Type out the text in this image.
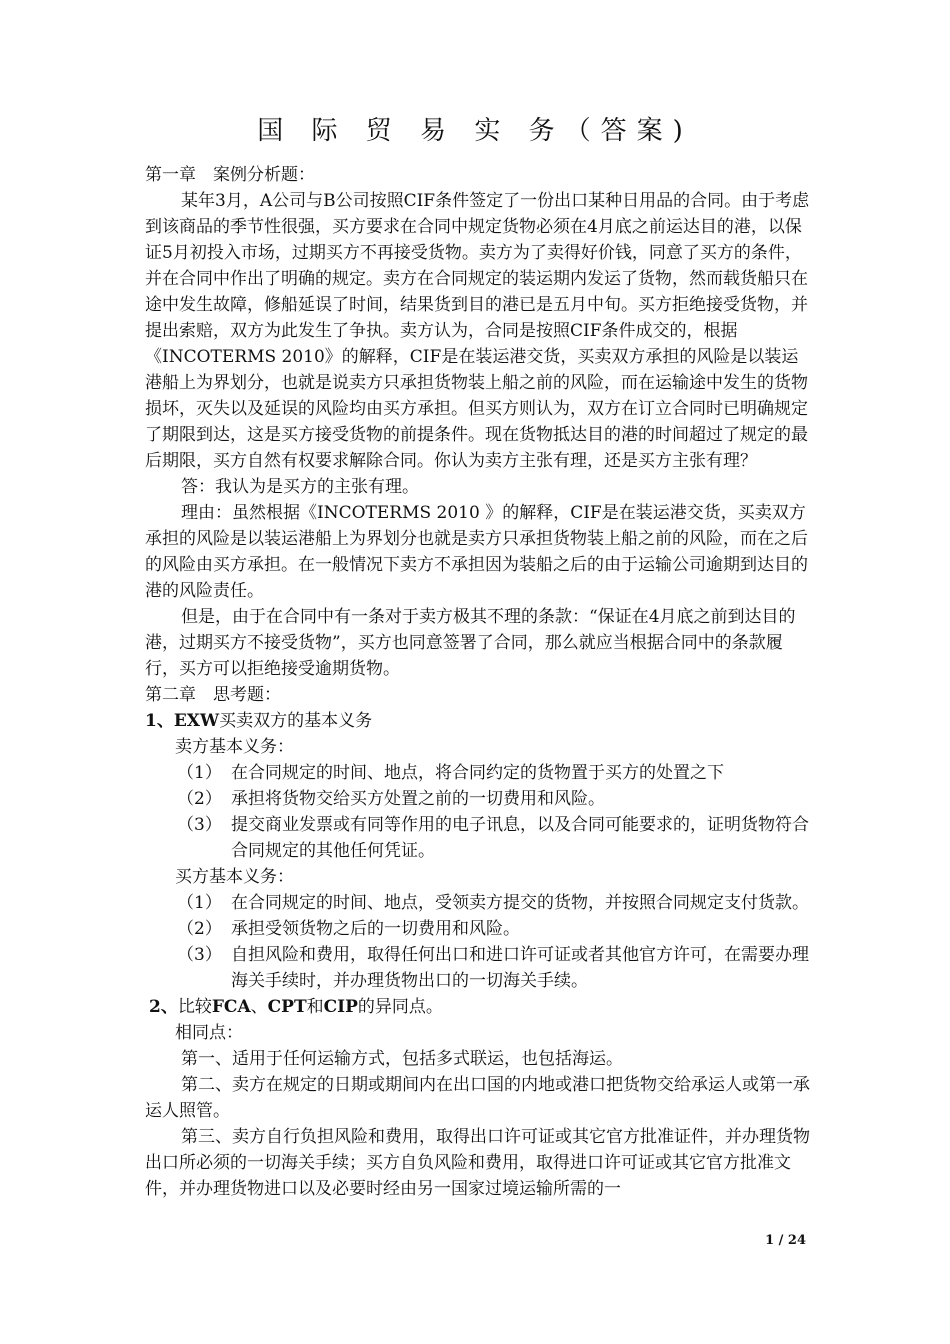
国 际 贸 易 实 务（答案)

第一章　案例分析题：

某年3月，A公司与B公司按照CIF条件签定了一份出口某种日用品的合同。由于考虑到该商品的季节性很强，买方要求在合同中规定货物必须在4月底之前运达目的港，以保证5月初投入市场，过期买方不再接受货物。卖方为了卖得好价钱，同意了买方的条件，并在合同中作出了明确的规定。卖方在合同规定的装运期内发运了货物，然而载货船只在途中发生故障，修船延误了时间，结果货到目的港已是五月中旬。买方拒绝接受货物，并提出索赔，双方为此发生了争执。卖方认为，合同是按照CIF条件成交的，根据《INCOTERMS 2010》的解释，CIF是在装运港交货，买卖双方承担的风险是以装运港船上为界划分，也就是说卖方只承担货物装上船之前的风险，而在运输途中发生的货物损坏，灭失以及延误的风险均由买方承担。但买方则认为，双方在订立合同时已明确规定了期限到达，这是买方接受货物的前提条件。现在货物抵达目的港的时间超过了规定的最后期限，买方自然有权要求解除合同。你认为卖方主张有理，还是买方主张有理？

答：我认为是买方的主张有理。

理由：虽然根据《INCOTERMS 2010 》的解释，CIF是在装运港交货，买卖双方承担的风险是以装运港船上为界划分也就是卖方只承担货物装上船之前的风险，而在之后的风险由买方承担。在一般情况下卖方不承担因为装船之后的由于运输公司逾期到达目的港的风险责任。

但是，由于在合同中有一条对于卖方极其不理的条款：“保证在4月底之前到达目的港，过期买方不接受货物”，买方也同意签署了合同，那么就应当根据合同中的条款履行，买方可以拒绝接受逾期货物。

第二章　思考题：

1、EXW买卖双方的基本义务

卖方基本义务：

（1） 在合同规定的时间、地点，将合同约定的货物置于买方的处置之下
（2） 承担将货物交给买方处置之前的一切费用和风险。
（3） 提交商业发票或有同等作用的电子讯息，以及合同可能要求的，证明货物符合合同规定的其他任何凭证。

买方基本义务：

（1） 在合同规定的时间、地点，受领卖方提交的货物，并按照合同规定支付货款。
（2） 承担受领货物之后的一切费用和风险。
（3） 自担风险和费用，取得任何出口和进口许可证或者其他官方许可，在需要办理海关手续时，并办理货物出口的一切海关手续。

2、比较FCA、CPT和CIP的异同点。

相同点：

第一、适用于任何运输方式，包括多式联运，也包括海运。

第二、卖方在规定的日期或期间内在出口国的内地或港口把货物交给承运人或第一承运人照管。

第三、卖方自行负担风险和费用，取得出口许可证或其它官方批准证件，并办理货物出口所必须的一切海关手续；买方自负风险和费用，取得进口许可证或其它官方批准文件，并办理货物进口以及必要时经由另一国家过境运输所需的一

1 / 24
